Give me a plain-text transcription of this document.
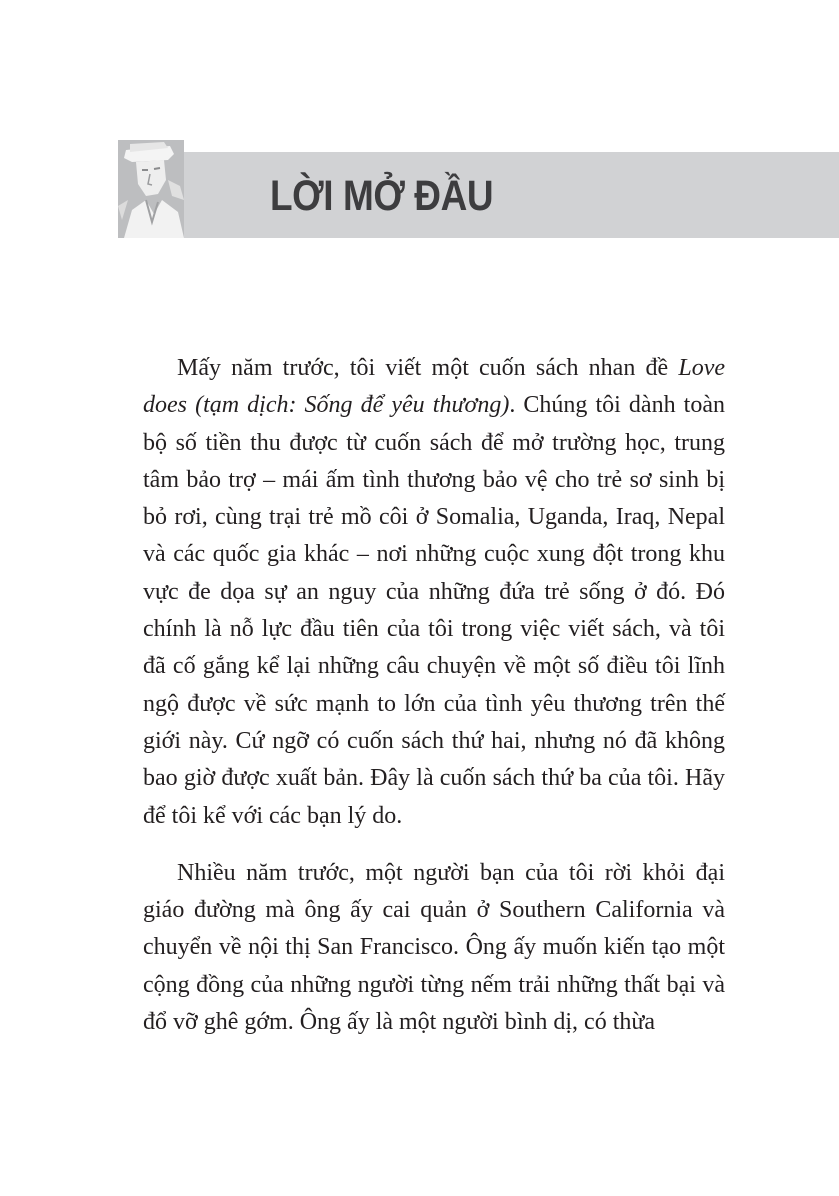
LỜI MỞ ĐẦU

Mấy năm trước, tôi viết một cuốn sách nhan đề Love does (tạm dịch: Sống để yêu thương). Chúng tôi dành toàn bộ số tiền thu được từ cuốn sách để mở trường học, trung tâm bảo trợ – mái ấm tình thương bảo vệ cho trẻ sơ sinh bị bỏ rơi, cùng trại trẻ mồ côi ở Somalia, Uganda, Iraq, Nepal và các quốc gia khác – nơi những cuộc xung đột trong khu vực đe dọa sự an nguy của những đứa trẻ sống ở đó. Đó chính là nỗ lực đầu tiên của tôi trong việc viết sách, và tôi đã cố gắng kể lại những câu chuyện về một số điều tôi lĩnh ngộ được về sức mạnh to lớn của tình yêu thương trên thế giới này. Cứ ngỡ có cuốn sách thứ hai, nhưng nó đã không bao giờ được xuất bản. Đây là cuốn sách thứ ba của tôi. Hãy để tôi kể với các bạn lý do.

Nhiều năm trước, một người bạn của tôi rời khỏi đại giáo đường mà ông ấy cai quản ở Southern California và chuyển về nội thị San Francisco. Ông ấy muốn kiến tạo một cộng đồng của những người từng nếm trải những thất bại và đổ vỡ ghê gớm. Ông ấy là một người bình dị, có thừa
